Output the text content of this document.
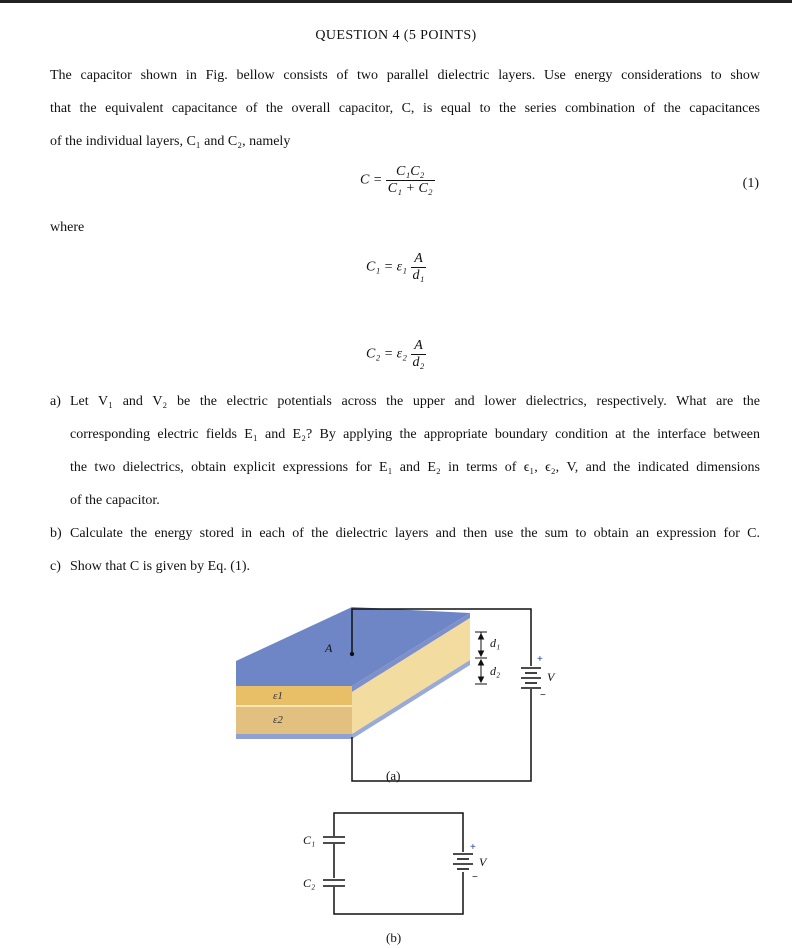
QUESTION 4 (5 POINTS)
The capacitor shown in Fig. bellow consists of two parallel dielectric layers. Use energy considerations to show
that the equivalent capacitance of the overall capacitor, C, is equal to the series combination of the capacitances
of the individual layers, C₁ and C₂, namely
$C = \frac{\text{C₁C₂}}{\text{C₁ + C₂}}$	(1)
where
$C_1 = \varepsilon_1 \frac{A}{\text{d₁}}$
$C_2 = \varepsilon_2 \frac{A}{\text{d₂}}$
a) Let V₁ and V₂ be the electric potentials across the upper and lower dielectrics, respectively. What are the
corresponding electric fields E₁ and E₂? By applying the appropriate boundary condition at the interface between
the two dielectrics, obtain explicit expressions for E₁ and E₂ in terms of ϵ₁, ϵ₂, V, and the indicated dimensions
of the capacitor.
b) Calculate the energy stored in each of the dielectric layers and then use the sum to obtain an expression for C.
c) Show that C is given by Eq. (1).
A
ε1
ε2
+
−
V
d₁
d₂
C₁
C₂
+
−
V
(a)
(b)
